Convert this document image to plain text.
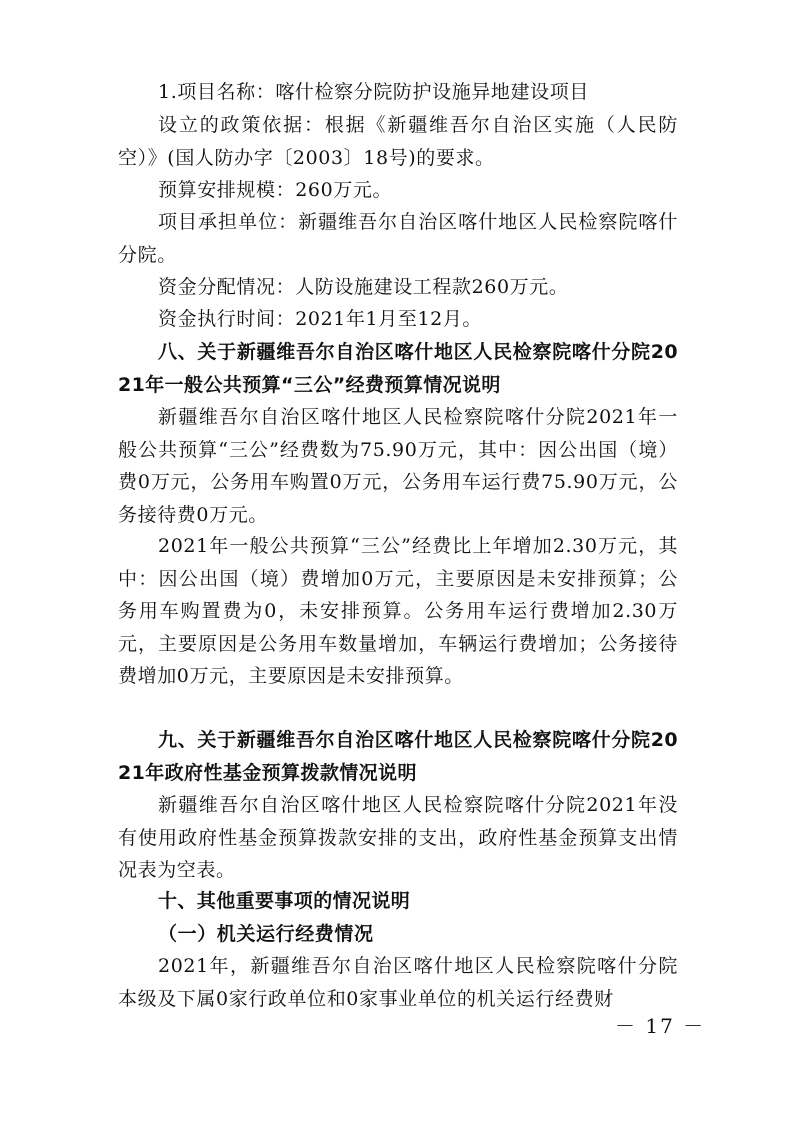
1.项目名称：喀什检察分院防护设施异地建设项目

设立的政策依据：根据《新疆维吾尔自治区实施（人民防空）》(国人防办字〔2003〕18号)的要求。

预算安排规模：260万元。

项目承担单位：新疆维吾尔自治区喀什地区人民检察院喀什分院。

资金分配情况：人防设施建设工程款260万元。

资金执行时间：2021年1月至12月。

八、关于新疆维吾尔自治区喀什地区人民检察院喀什分院2021年一般公共预算“三公”经费预算情况说明

新疆维吾尔自治区喀什地区人民检察院喀什分院2021年一般公共预算“三公”经费数为75.90万元，其中：因公出国（境）费0万元，公务用车购置0万元，公务用车运行费75.90万元，公务接待费0万元。

2021年一般公共预算“三公”经费比上年增加2.30万元，其中：因公出国（境）费增加0万元，主要原因是未安排预算；公务用车购置费为0，未安排预算。公务用车运行费增加2.30万元，主要原因是公务用车数量增加，车辆运行费增加；公务接待费增加0万元，主要原因是未安排预算。

九、关于新疆维吾尔自治区喀什地区人民检察院喀什分院2021年政府性基金预算拨款情况说明

新疆维吾尔自治区喀什地区人民检察院喀什分院2021年没有使用政府性基金预算拨款安排的支出，政府性基金预算支出情况表为空表。

十、其他重要事项的情况说明

（一）机关运行经费情况

2021年，新疆维吾尔自治区喀什地区人民检察院喀什分院本级及下属0家行政单位和0家事业单位的机关运行经费财

－ 17 －
